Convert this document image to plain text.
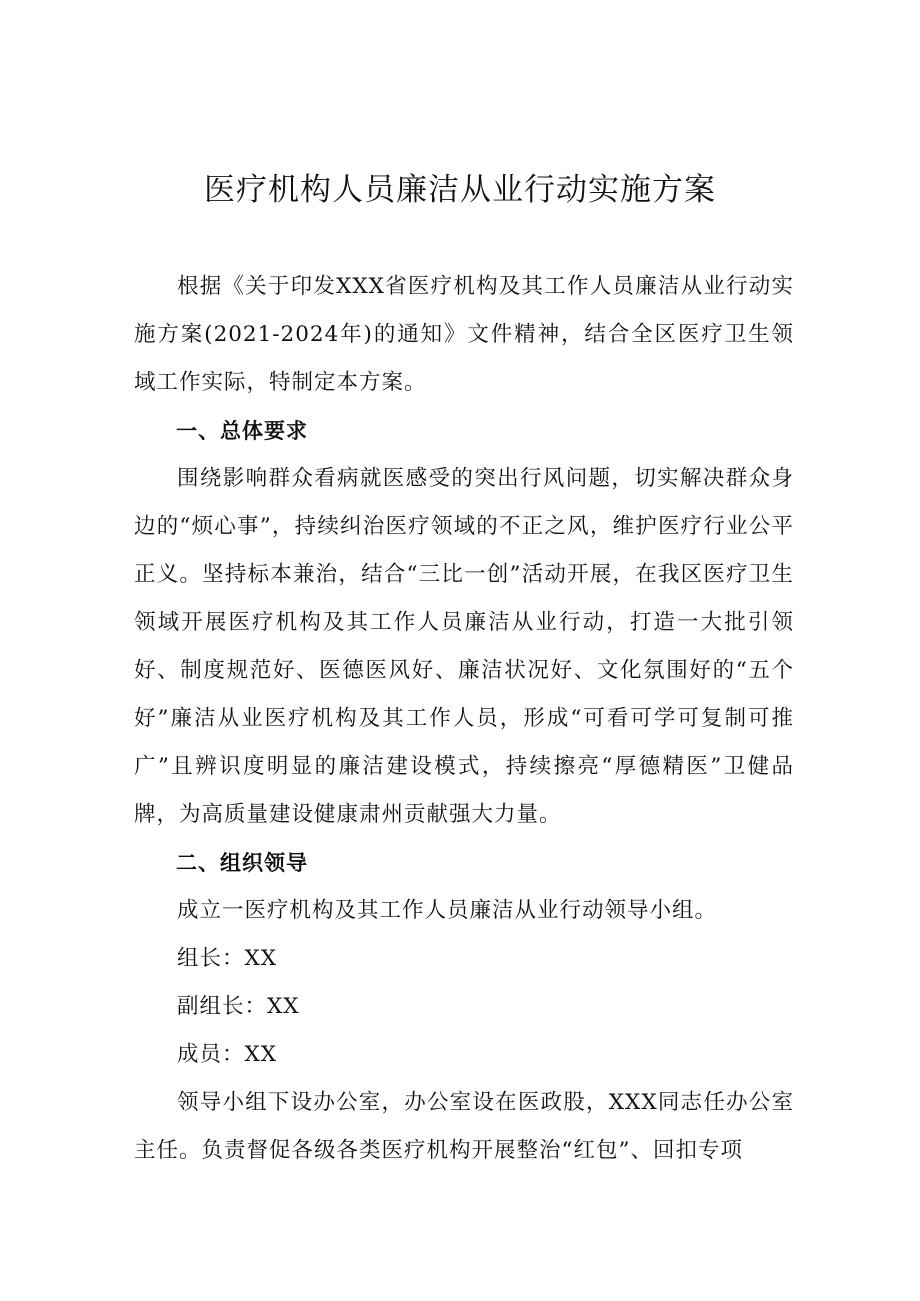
医疗机构人员廉洁从业行动实施方案

根据《关于印发XXX省医疗机构及其工作人员廉洁从业行动实施方案(2021-2024年)的通知》文件精神，结合全区医疗卫生领域工作实际，特制定本方案。

一、总体要求

围绕影响群众看病就医感受的突出行风问题，切实解决群众身边的“烦心事”，持续纠治医疗领域的不正之风，维护医疗行业公平正义。坚持标本兼治，结合“三比一创”活动开展，在我区医疗卫生领域开展医疗机构及其工作人员廉洁从业行动，打造一大批引领好、制度规范好、医德医风好、廉洁状况好、文化氛围好的“五个好”廉洁从业医疗机构及其工作人员，形成“可看可学可复制可推广”且辨识度明显的廉洁建设模式，持续擦亮“厚德精医”卫健品牌，为高质量建设健康肃州贡献强大力量。

二、组织领导

成立一医疗机构及其工作人员廉洁从业行动领导小组。

组长：XX

副组长：XX

成员：XX

领导小组下设办公室，办公室设在医政股，XXX同志任办公室主任。负责督促各级各类医疗机构开展整治“红包”、回扣专项
